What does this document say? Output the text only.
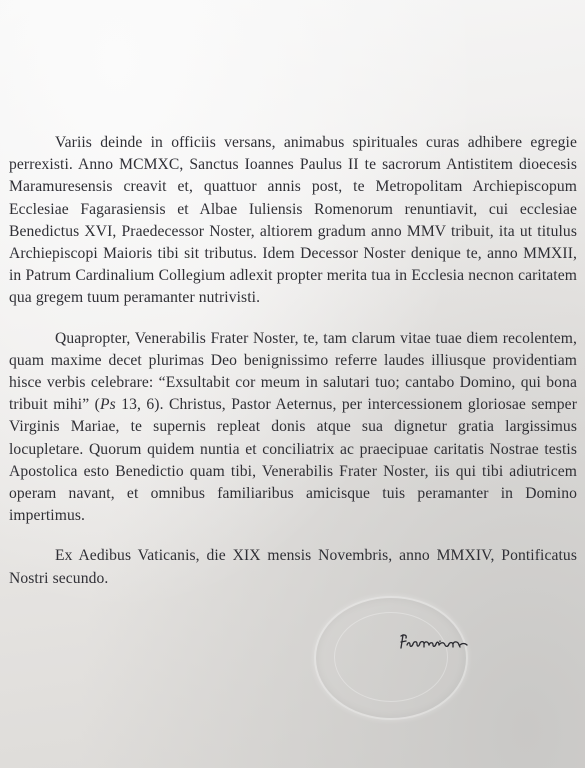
Variis deinde in officiis versans, animabus spirituales curas adhibere egregie perrexisti. Anno MCMXC, Sanctus Ioannes Paulus II te sacrorum Antistitem dioecesis Maramuresensis creavit et, quattuor annis post, te Metropolitam Archiepiscopum Ecclesiae Fagarasiensis et Albae Iuliensis Romenorum renuntiavit, cui ecclesiae Benedictus XVI, Praedecessor Noster, altiorem gradum anno MMV tribuit, ita ut titulus Archiepiscopi Maioris tibi sit tributus. Idem Decessor Noster denique te, anno MMXII, in Patrum Cardinalium Collegium adlexit propter merita tua in Ecclesia necnon caritatem qua gregem tuum peramanter nutrivisti.

Quapropter, Venerabilis Frater Noster, te, tam clarum vitae tuae diem recolentem, quam maxime decet plurimas Deo benignissimo referre laudes illiusque providentiam hisce verbis celebrare: “Exsultabit cor meum in salutari tuo; cantabo Domino, qui bona tribuit mihi” (Ps 13, 6). Christus, Pastor Aeternus, per intercessionem gloriosae semper Virginis Mariae, te supernis repleat donis atque sua dignetur gratia largissimus locupletare. Quorum quidem nuntia et conciliatrix ac praecipuae caritatis Nostrae testis Apostolica esto Benedictio quam tibi, Venerabilis Frater Noster, iis qui tibi adiutricem operam navant, et omnibus familiaribus amicisque tuis peramanter in Domino impertimus.

Ex Aedibus Vaticanis, die XIX mensis Novembris, anno MMXIV, Pontificatus Nostri secundo.
